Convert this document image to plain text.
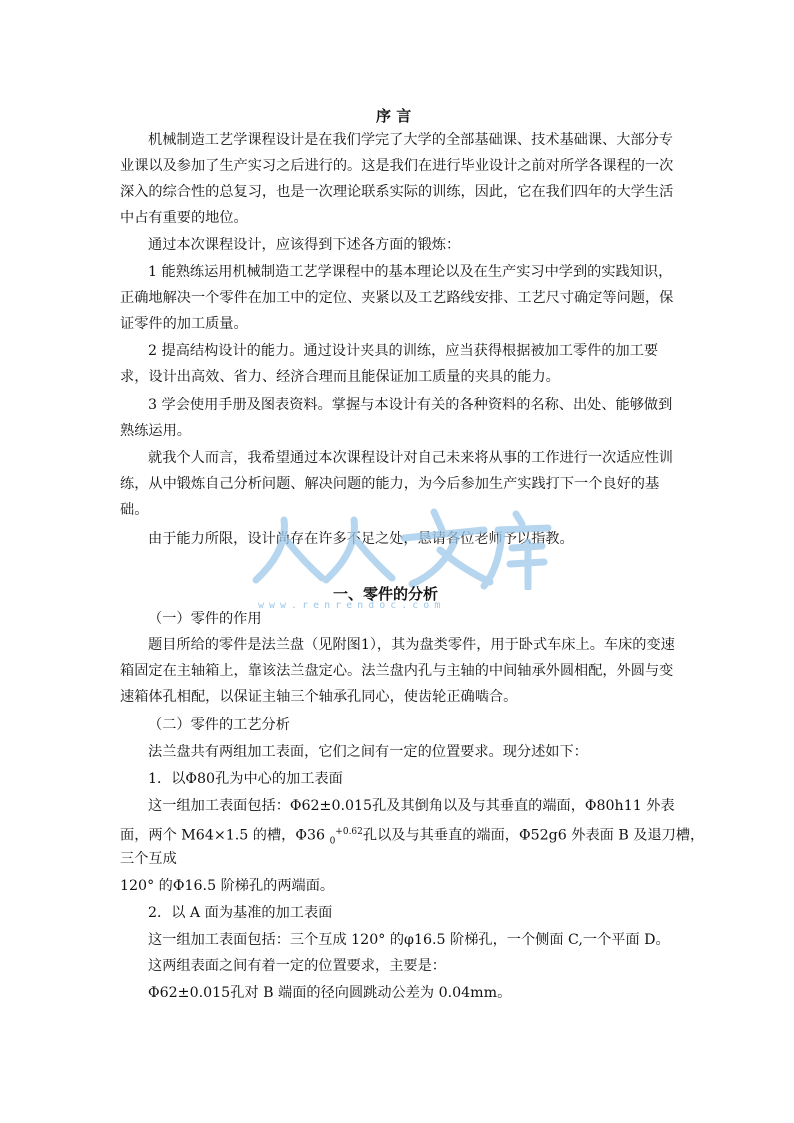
序 言
机械制造工艺学课程设计是在我们学完了大学的全部基础课、技术基础课、大部分专
业课以及参加了生产实习之后进行的。这是我们在进行毕业设计之前对所学各课程的一次
深入的综合性的总复习，也是一次理论联系实际的训练，因此，它在我们四年的大学生活
中占有重要的地位。
通过本次课程设计，应该得到下述各方面的锻炼：
1 能熟练运用机械制造工艺学课程中的基本理论以及在生产实习中学到的实践知识，
正确地解决一个零件在加工中的定位、夹紧以及工艺路线安排、工艺尺寸确定等问题，保
证零件的加工质量。
2 提高结构设计的能力。通过设计夹具的训练，应当获得根据被加工零件的加工要
求，设计出高效、省力、经济合理而且能保证加工质量的夹具的能力。
3 学会使用手册及图表资料。掌握与本设计有关的各种资料的名称、出处、能够做到
熟练运用。
就我个人而言，我希望通过本次课程设计对自己未来将从事的工作进行一次适应性训
练，从中锻炼自己分析问题、解决问题的能力，为今后参加生产实践打下一个良好的基
础。
由于能力所限，设计尚存在许多不足之处，恳请各位老师予以指教。
一、零件的分析
www.renrendoc.com
（一）零件的作用
题目所给的零件是法兰盘（见附图1），其为盘类零件，用于卧式车床上。车床的变速
箱固定在主轴箱上，靠该法兰盘定心。法兰盘内孔与主轴的中间轴承外圆相配，外圆与变
速箱体孔相配，以保证主轴三个轴承孔同心，使齿轮正确啮合。
（二）零件的工艺分析
法兰盘共有两组加工表面，它们之间有一定的位置要求。现分述如下：
1．以Φ80孔为中心的加工表面
这一组加工表面包括：Φ62±0.015孔及其倒角以及与其垂直的端面，Φ80h11 外表
面，两个 M64×1.5 的槽，Φ36 $_0^{+0.62}$孔以及与其垂直的端面，Φ52g6 外表面 B 及退刀槽，
三个互成
120° 的Φ16.5 阶梯孔的两端面。
2．以 A 面为基准的加工表面
这一组加工表面包括：三个互成 120° 的φ16.5 阶梯孔，一个侧面 C,一个平面 D。
这两组表面之间有着一定的位置要求，主要是：
Φ62±0.015孔对 B 端面的径向圆跳动公差为 0.04mm。
